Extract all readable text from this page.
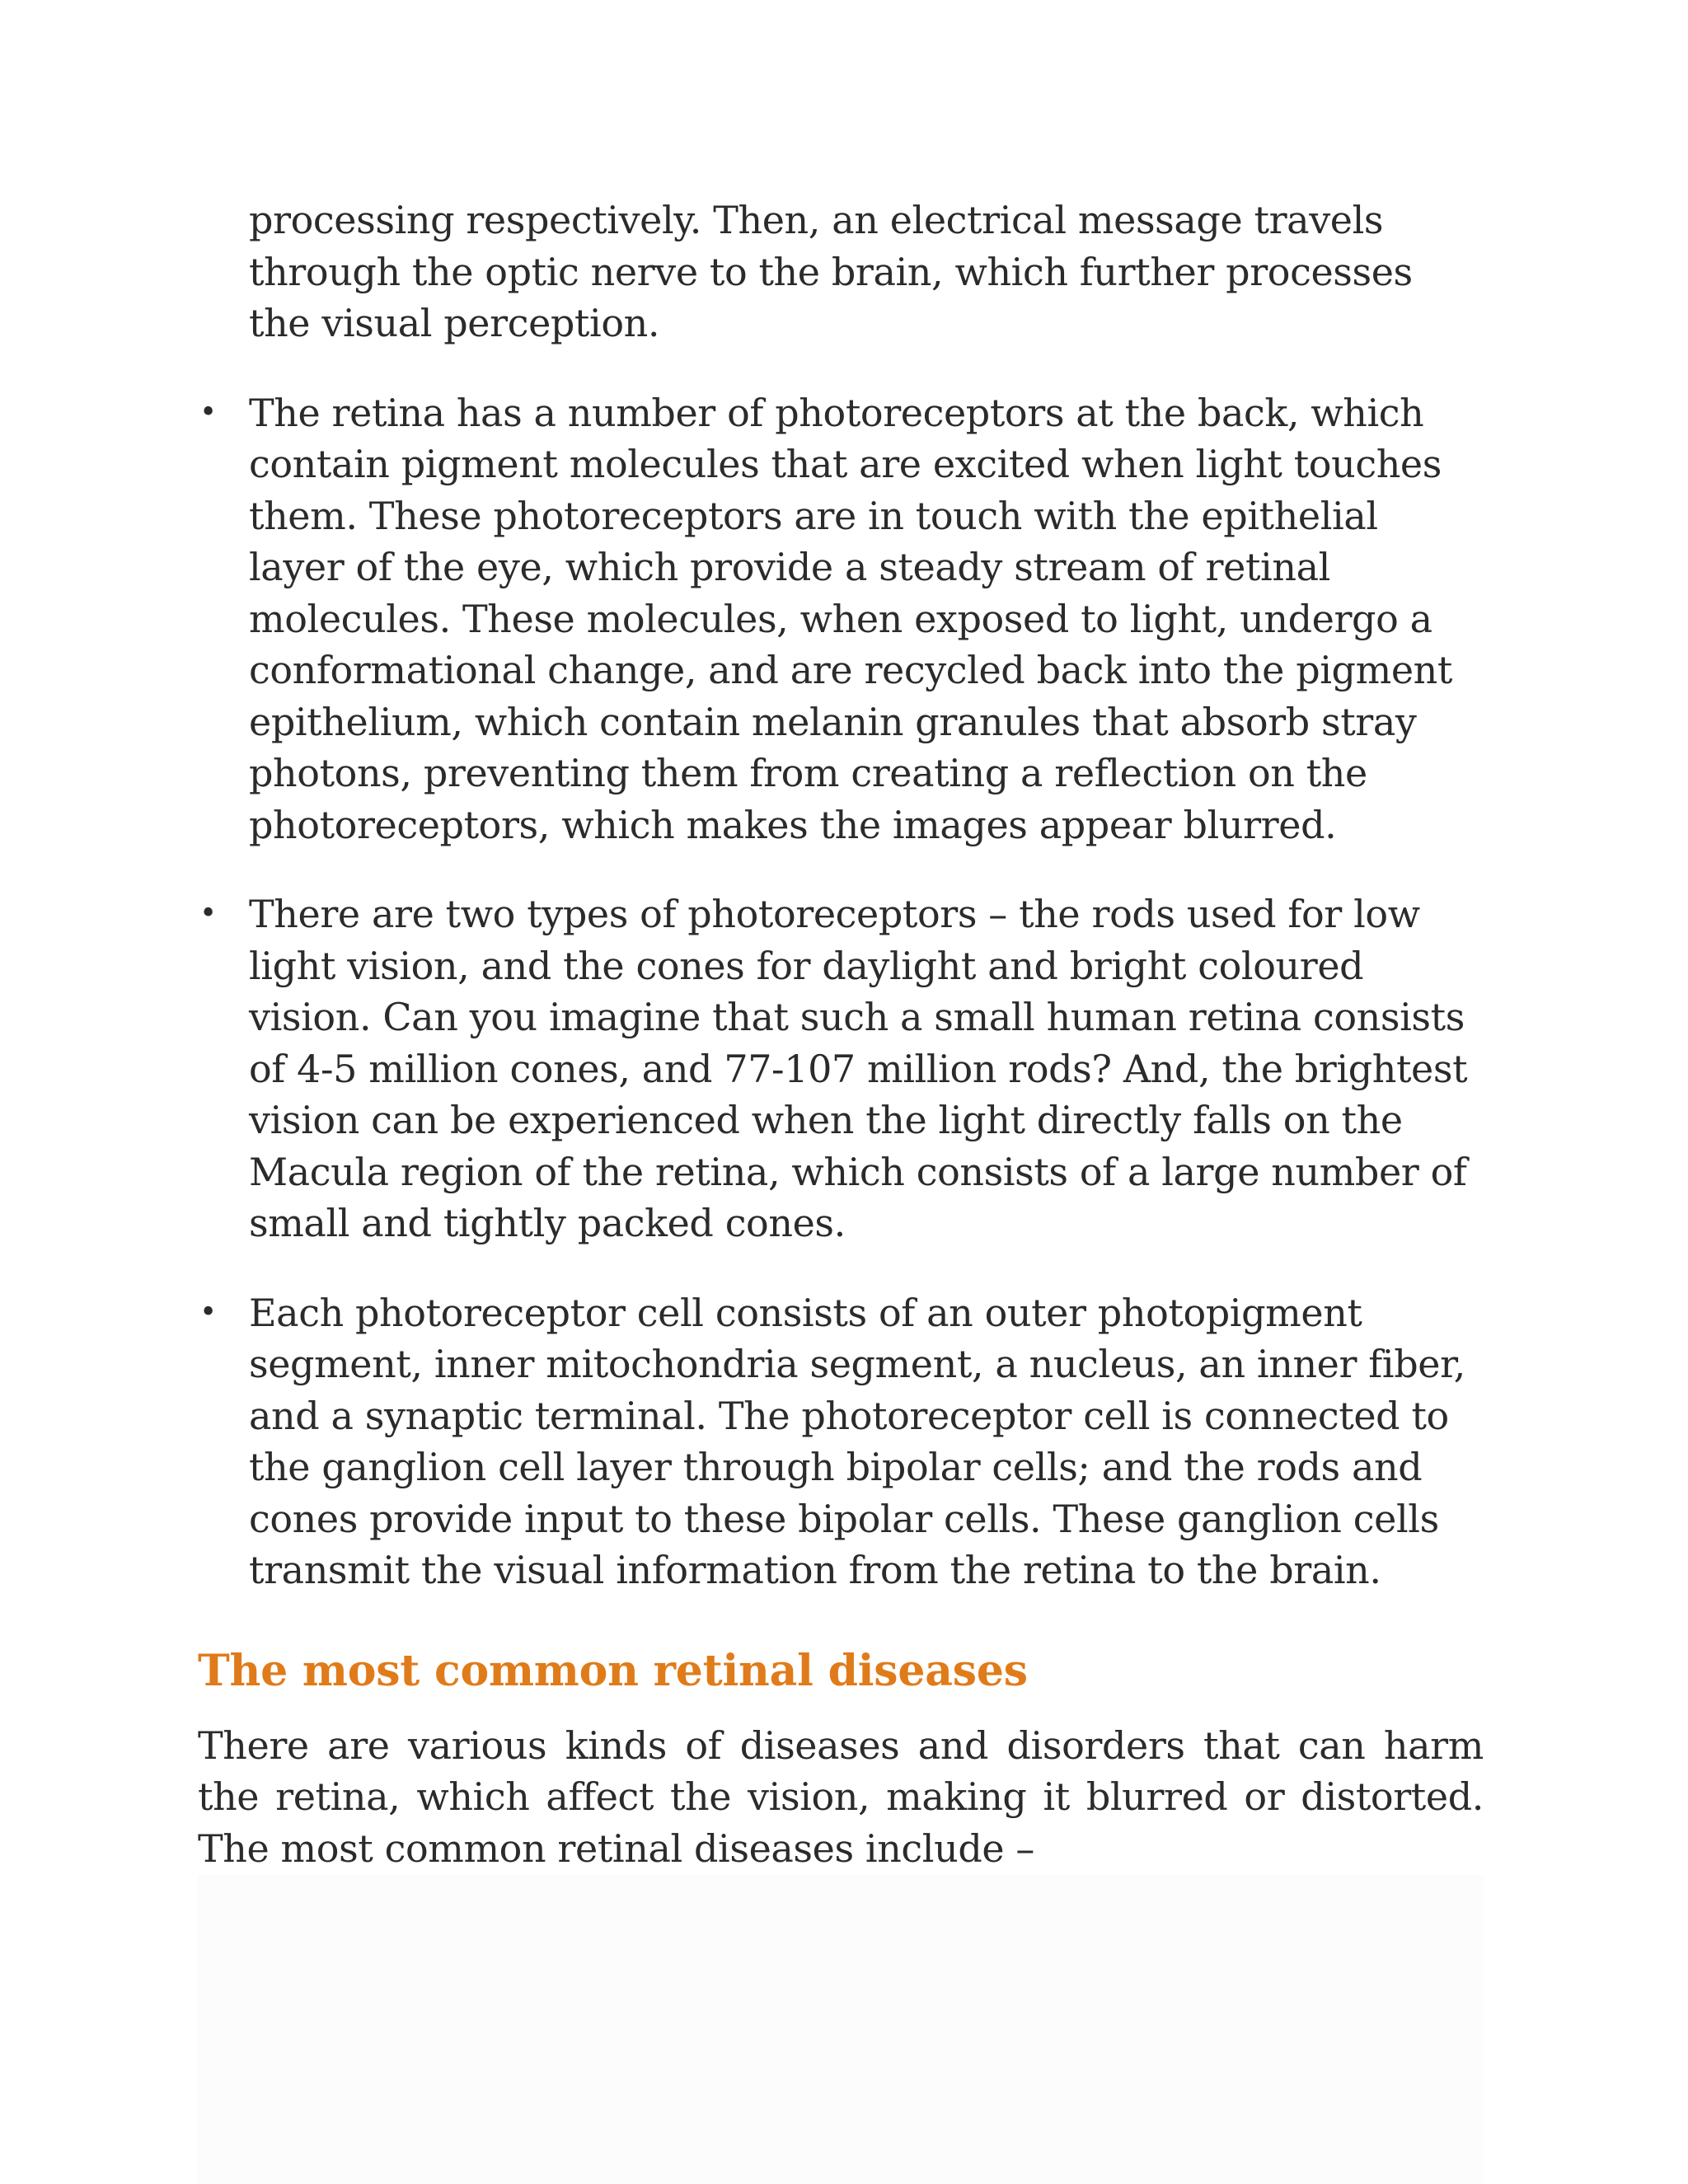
processing respectively. Then, an electrical message travels through the optic nerve to the brain, which further processes the visual perception.

• The retina has a number of photoreceptors at the back, which contain pigment molecules that are excited when light touches them. These photoreceptors are in touch with the epithelial layer of the eye, which provide a steady stream of retinal molecules. These molecules, when exposed to light, undergo a conformational change, and are recycled back into the pigment epithelium, which contain melanin granules that absorb stray photons, preventing them from creating a reflection on the photoreceptors, which makes the images appear blurred.
• There are two types of photoreceptors – the rods used for low light vision, and the cones for daylight and bright coloured vision. Can you imagine that such a small human retina consists of 4-5 million cones, and 77-107 million rods? And, the brightest vision can be experienced when the light directly falls on the Macula region of the retina, which consists of a large number of small and tightly packed cones.
• Each photoreceptor cell consists of an outer photopigment segment, inner mitochondria segment, a nucleus, an inner fiber, and a synaptic terminal. The photoreceptor cell is connected to the ganglion cell layer through bipolar cells; and the rods and cones provide input to these bipolar cells. These ganglion cells transmit the visual information from the retina to the brain.
The most common retinal diseases

There are various kinds of diseases and disorders that can harm the retina, which affect the vision, making it blurred or distorted. The most common retinal diseases include –
